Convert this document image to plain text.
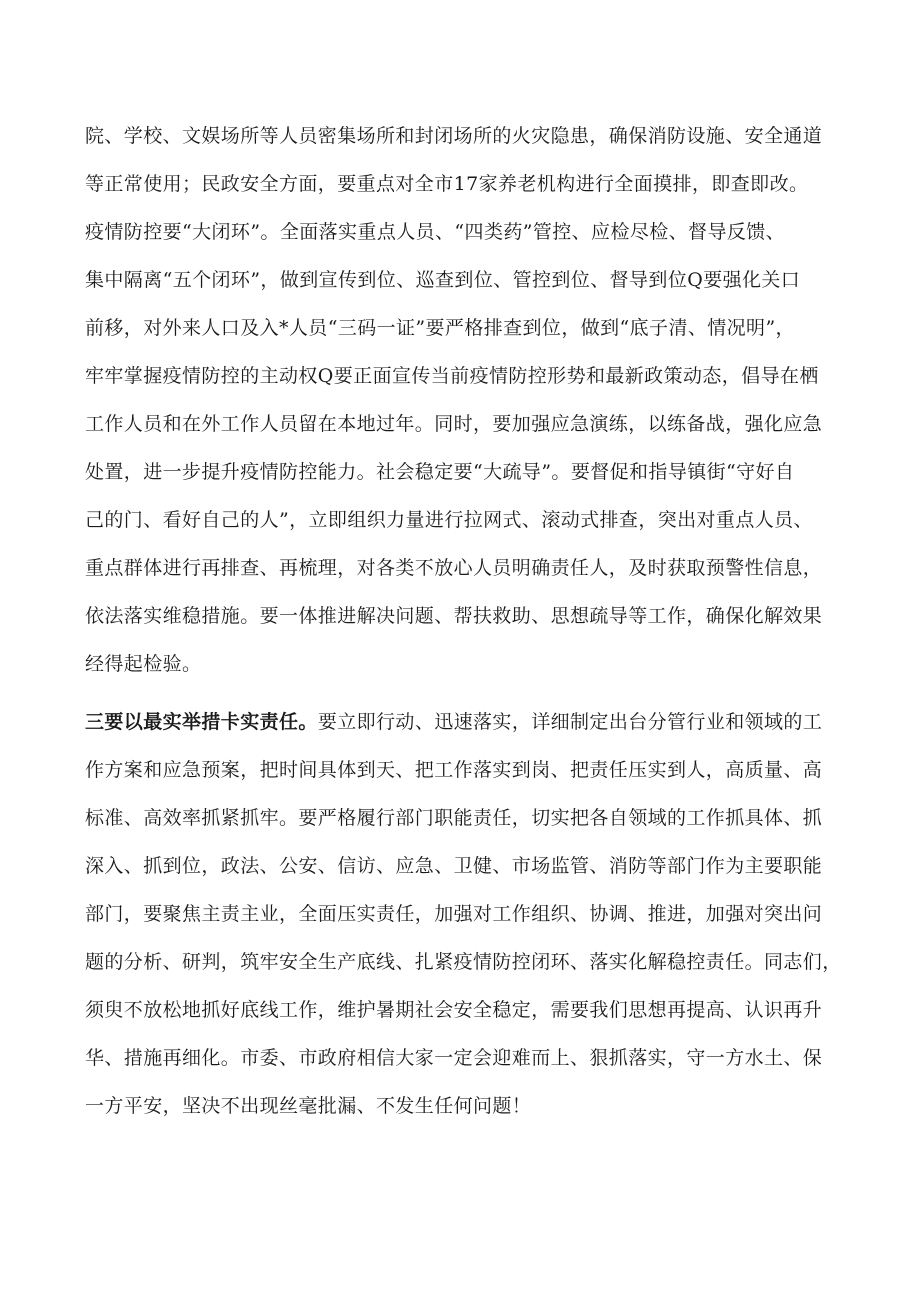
院、学校、文娱场所等人员密集场所和封闭场所的火灾隐患，确保消防设施、安全通道
等正常使用；民政安全方面，要重点对全市17家养老机构进行全面摸排，即查即改。
疫情防控要“大闭环”。全面落实重点人员、“四类药”管控、应检尽检、督导反馈、
集中隔离“五个闭环”，做到宣传到位、巡查到位、管控到位、督导到位Q要强化关口
前移，对外来人口及入*人员“三码一证”要严格排查到位，做到“底子清、情况明”，
牢牢掌握疫情防控的主动权Q要正面宣传当前疫情防控形势和最新政策动态，倡导在栖
工作人员和在外工作人员留在本地过年。同时，要加强应急演练，以练备战，强化应急
处置，进一步提升疫情防控能力。社会稳定要“大疏导”。要督促和指导镇街“守好自
己的门、看好自己的人”，立即组织力量进行拉网式、滚动式排查，突出对重点人员、
重点群体进行再排查、再梳理，对各类不放心人员明确责任人，及时获取预警性信息，
依法落实维稳措施。要一体推进解决问题、帮扶救助、思想疏导等工作，确保化解效果
经得起检验。
三要以最实举措卡实责任。要立即行动、迅速落实，详细制定出台分管行业和领域的工
作方案和应急预案，把时间具体到天、把工作落实到岗、把责任压实到人，高质量、高
标准、高效率抓紧抓牢。要严格履行部门职能责任，切实把各自领域的工作抓具体、抓
深入、抓到位，政法、公安、信访、应急、卫健、市场监管、消防等部门作为主要职能
部门，要聚焦主责主业，全面压实责任，加强对工作组织、协调、推进，加强对突出问
题的分析、研判，筑牢安全生产底线、扎紧疫情防控闭环、落实化解稳控责任。同志们，
须臾不放松地抓好底线工作，维护暑期社会安全稳定，需要我们思想再提高、认识再升
华、措施再细化。市委、市政府相信大家一定会迎难而上、狠抓落实，守一方水土、保
一方平安，坚决不出现丝毫批漏、不发生任何问题！
